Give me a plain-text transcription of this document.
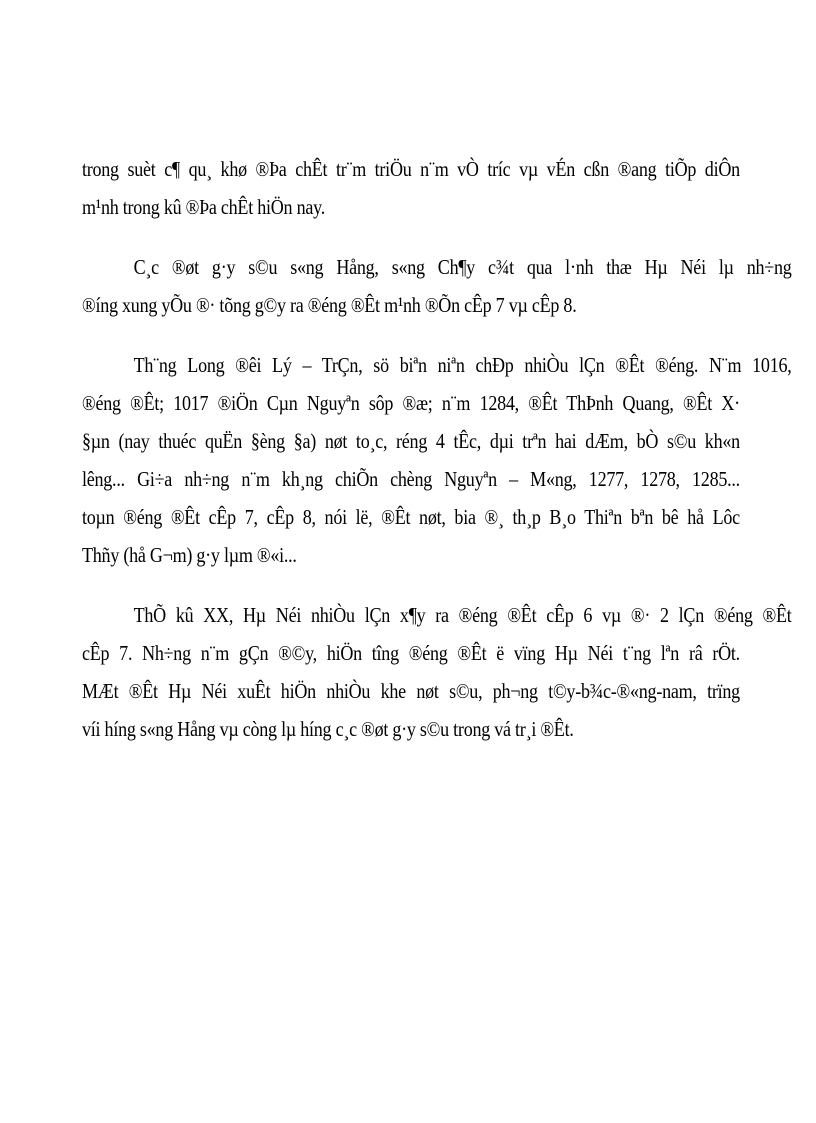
trong suèt c¶ qu¸ khø ®Þa chÊt tr¨m triÖu n¨m vÒ tríc vµ vÉn cßn ®ang tiÕp diÔn
m¹nh trong kû ®Þa chÊt hiÖn nay.
C¸c ®øt g·y s©u s«ng Hång, s«ng Ch¶y c¾t qua l·nh thæ Hµ Néi lµ nh÷ng
®íng xung yÕu ®· tõng g©y ra ®éng ®Êt m¹nh ®Õn cÊp 7 vµ cÊp 8.
Th¨ng Long ®êi Lý – TrÇn, sö biªn niªn chÐp nhiÒu lÇn ®Êt ®éng. N¨m 1016,
®éng ®Êt; 1017 ®iÖn Cµn Nguyªn sôp ®æ; n¨m 1284, ®Êt ThÞnh Quang, ®Êt X·
§µn (nay thuéc quËn §èng §a) nøt to¸c, réng 4 tÊc, dµi trªn hai dÆm, bÒ s©u kh«n
lêng... Gi÷a nh÷ng n¨m kh¸ng chiÕn chèng Nguyªn – M«ng, 1277, 1278, 1285...
toµn ®éng ®Êt cÊp 7, cÊp 8, nói lë, ®Êt nøt, bia ®¸ th¸p B¸o Thiªn bªn bê hå Lôc
Thñy (hå G¬m) g·y lµm ®«i...
ThÕ kû XX, Hµ Néi nhiÒu lÇn x¶y ra ®éng ®Êt cÊp 6 vµ ®· 2 lÇn ®éng ®Êt
cÊp 7. Nh÷ng n¨m gÇn ®©y, hiÖn tîng ®éng ®Êt ë vïng Hµ Néi t¨ng lªn râ rÖt.
MÆt ®Êt Hµ Néi xuÊt hiÖn nhiÒu khe nøt s©u, ph¬ng t©y-b¾c-®«ng-nam, trïng
víi híng s«ng Hång vµ còng lµ híng c¸c ®øt g·y s©u trong vá tr¸i ®Êt.
